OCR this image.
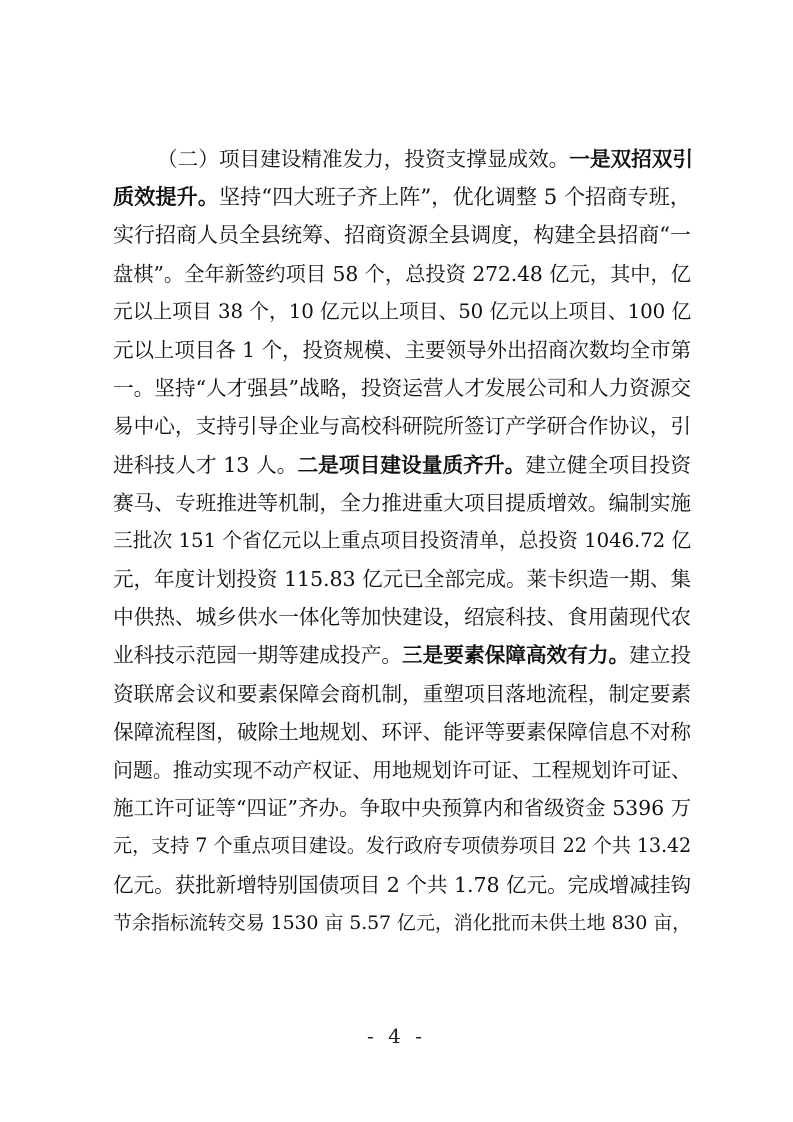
（二）项目建设精准发力，投资支撑显成效。一是双招双引
质效提升。坚持“四大班子齐上阵”，优化调整 5 个招商专班，
实行招商人员全县统筹、招商资源全县调度，构建全县招商“一
盘棋”。全年新签约项目 58 个，总投资 272.48 亿元，其中，亿
元以上项目 38 个，10 亿元以上项目、50 亿元以上项目、100 亿
元以上项目各 1 个，投资规模、主要领导外出招商次数均全市第
一。坚持“人才强县”战略，投资运营人才发展公司和人力资源交
易中心，支持引导企业与高校科研院所签订产学研合作协议，引
进科技人才 13 人。二是项目建设量质齐升。建立健全项目投资
赛马、专班推进等机制，全力推进重大项目提质增效。编制实施
三批次 151 个省亿元以上重点项目投资清单，总投资 1046.72 亿
元，年度计划投资 115.83 亿元已全部完成。莱卡织造一期、集
中供热、城乡供水一体化等加快建设，绍宸科技、食用菌现代农
业科技示范园一期等建成投产。三是要素保障高效有力。建立投
资联席会议和要素保障会商机制，重塑项目落地流程，制定要素
保障流程图，破除土地规划、环评、能评等要素保障信息不对称
问题。推动实现不动产权证、用地规划许可证、工程规划许可证、
施工许可证等“四证”齐办。争取中央预算内和省级资金 5396 万
元，支持 7 个重点项目建设。发行政府专项债券项目 22 个共 13.42
亿元。获批新增特别国债项目 2 个共 1.78 亿元。完成增减挂钩
节余指标流转交易 1530 亩 5.57 亿元，消化批而未供土地 830 亩，
- 4 -
